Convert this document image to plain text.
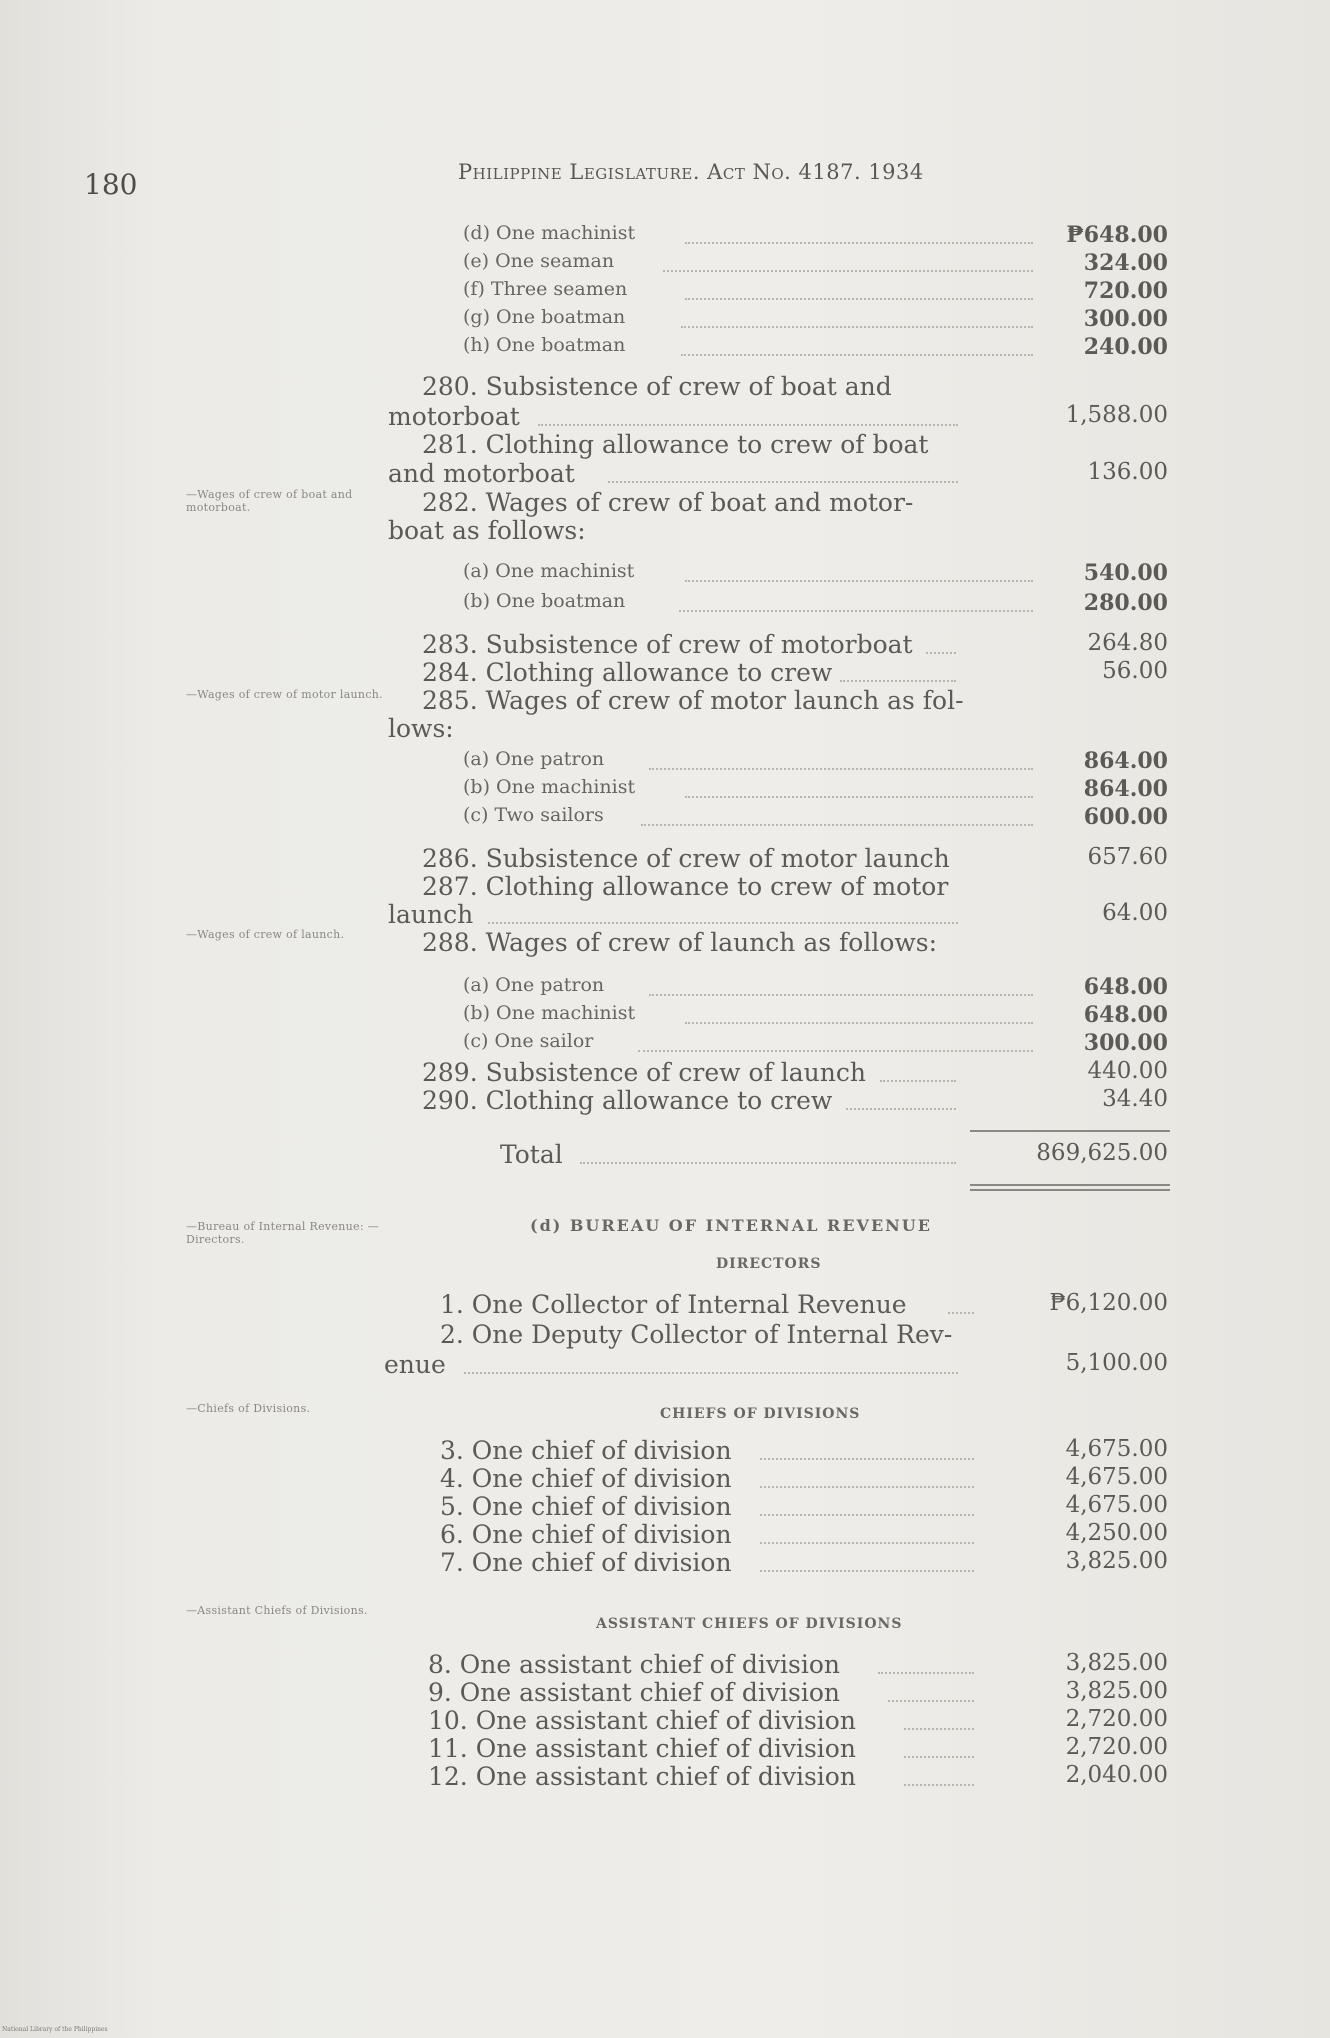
180	Philippine Legislature. Act No. 4187. 1934
(d) One machinist	₱648.00
(e) One seaman	324.00
(f) Three seamen	720.00
(g) One boatman	300.00
(h) One boatman	240.00
280. Subsistence of crew of boat and
motorboat	1,588.00
281. Clothing allowance to crew of boat
and motorboat	136.00
—Wages of crew of boat and motorboat.	282. Wages of crew of boat and motor-
boat as follows:
(a) One machinist	540.00
(b) One boatman	280.00
283. Subsistence of crew of motorboat	264.80
284. Clothing allowance to crew	56.00
—Wages of crew of motor launch. 285. Wages of crew of motor launch as fol-
lows:
(a) One patron	864.00
(b) One machinist	864.00
(c) Two sailors	600.00
286. Subsistence of crew of motor launch	657.60
287. Clothing allowance to crew of motor
launch	64.00
—Wages of crew of launch.	288. Wages of crew of launch as follows:
(a) One patron	648.00
(b) One machinist	648.00
(c) One sailor	300.00
289. Subsistence of crew of launch	440.00
290. Clothing allowance to crew	34.40
Total	869,625.00
—Bureau of Internal Revenue: —Directors.
(d) BUREAU OF INTERNAL REVENUE
DIRECTORS
1. One Collector of Internal Revenue	₱6,120.00
2. One Deputy Collector of Internal Rev-
enue	5,100.00
—Chiefs of Divisions.	CHIEFS OF DIVISIONS
3. One chief of division	4,675.00
4. One chief of division	4,675.00
5. One chief of division	4,675.00
6. One chief of division	4,250.00
7. One chief of division	3,825.00
—Assistant Chiefs of Divisions.
ASSISTANT CHIEFS OF DIVISIONS
8. One assistant chief of division	3,825.00
9. One assistant chief of division	3,825.00
10. One assistant chief of division	2,720.00
11. One assistant chief of division	2,720.00
12. One assistant chief of division	2,040.00
National Library of the Philippines
